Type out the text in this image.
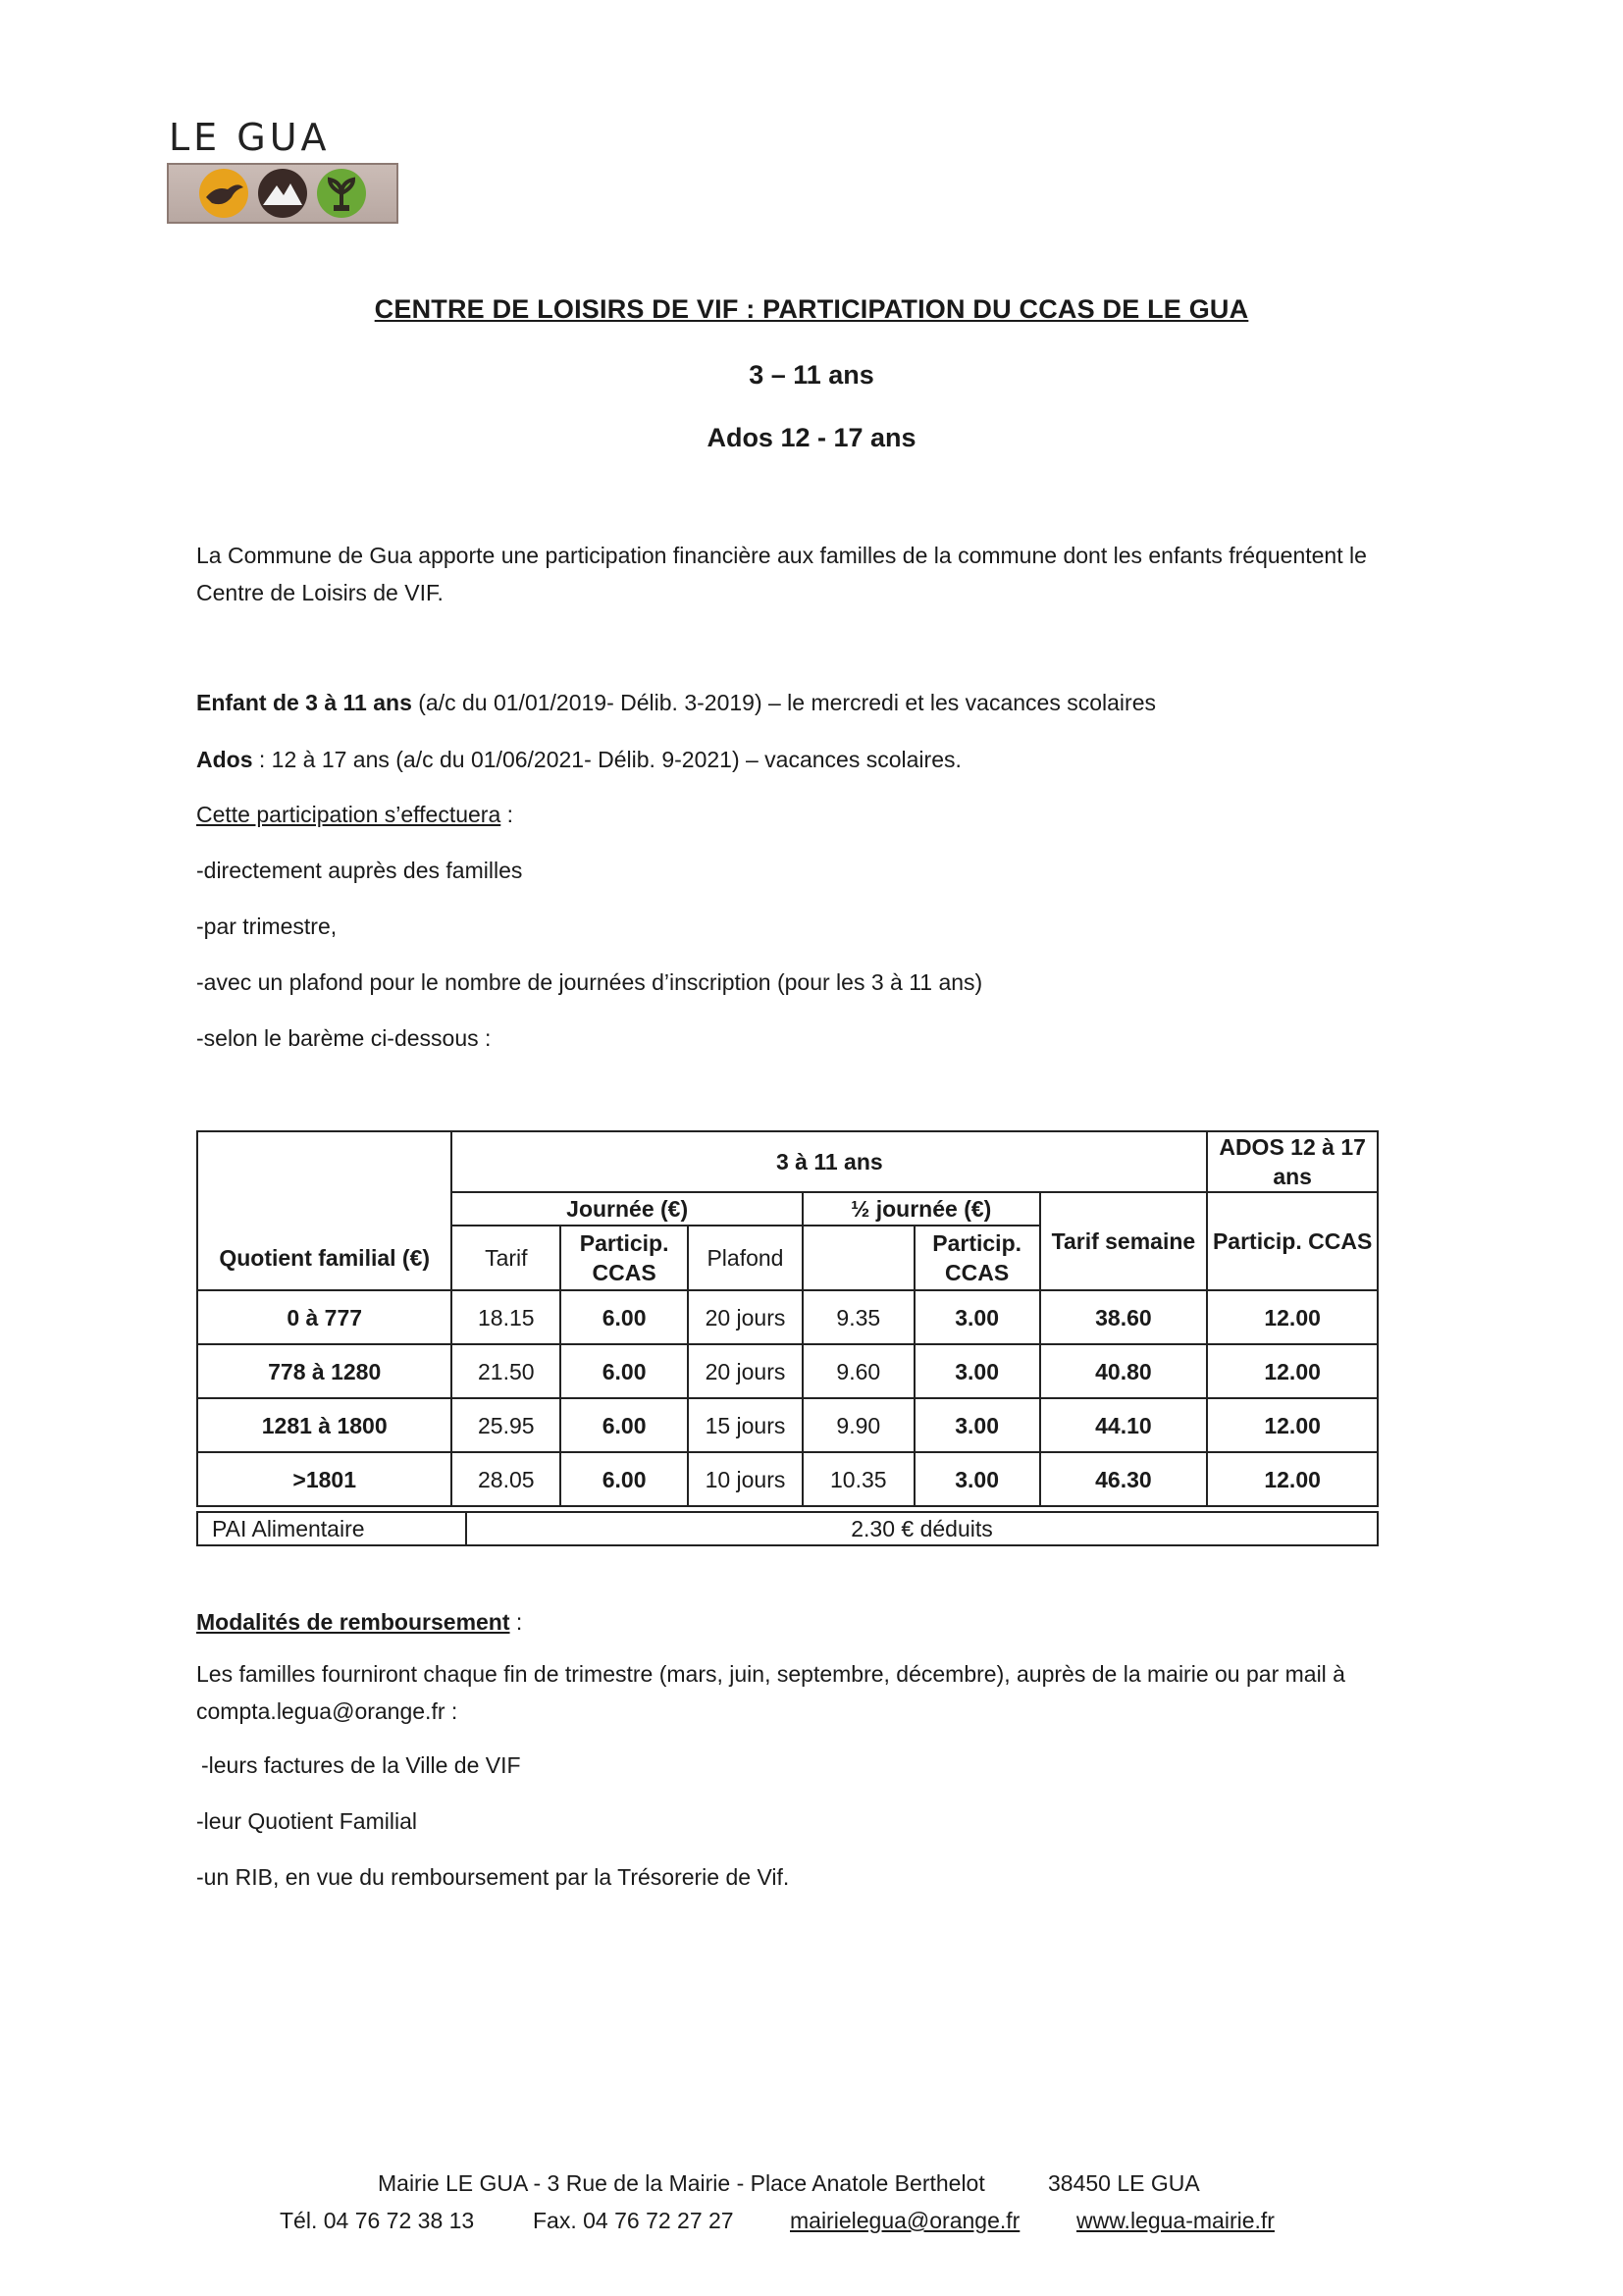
LE GUA
CENTRE DE LOISIRS DE VIF : PARTICIPATION DU CCAS DE LE GUA
3 – 11 ans
Ados 12 - 17 ans
La Commune de Gua apporte une participation financière aux familles de la commune dont les enfants fréquentent le Centre de Loisirs de VIF.
Enfant de 3 à 11 ans (a/c du 01/01/2019- Délib. 3-2019) – le mercredi et les vacances scolaires
Ados : 12 à 17 ans (a/c du 01/06/2021- Délib. 9-2021) – vacances scolaires.
Cette participation s’effectuera :
-directement auprès des familles
-par trimestre,
-avec un plafond pour le nombre de journées d’inscription (pour les 3 à 11 ans)
-selon le barème ci-dessous :
	3 à 11 ans						ADOS 12 à 17 ans
	Journée (€)			½ journée (€)		Tarif semaine	Particip. CCAS
Quotient familial (€)	Tarif	Particip. CCAS	Plafond		Particip. CCAS		
0 à 777	18.15	6.00	20 jours	9.35	3.00	38.60	12.00
778 à 1280	21.50	6.00	20 jours	9.60	3.00	40.80	12.00
1281 à 1800	25.95	6.00	15 jours	9.90	3.00	44.10	12.00
>1801	28.05	6.00	10 jours	10.35	3.00	46.30	12.00
PAI Alimentaire	2.30 € déduits
Modalités de remboursement :
Les familles fourniront chaque fin de trimestre (mars, juin, septembre, décembre), auprès de la mairie ou par mail à compta.legua@orange.fr :
-leurs factures de la Ville de VIF
-leur Quotient Familial
-un RIB, en vue du remboursement par la Trésorerie de Vif.
Mairie LE GUA - 3 Rue de la Mairie - Place Anatole Berthelot	38450 LE GUA
Tél. 04 76 72 38 13	Fax. 04 76 72 27 27 mairielegua@orange.fr	www.legua-mairie.fr
